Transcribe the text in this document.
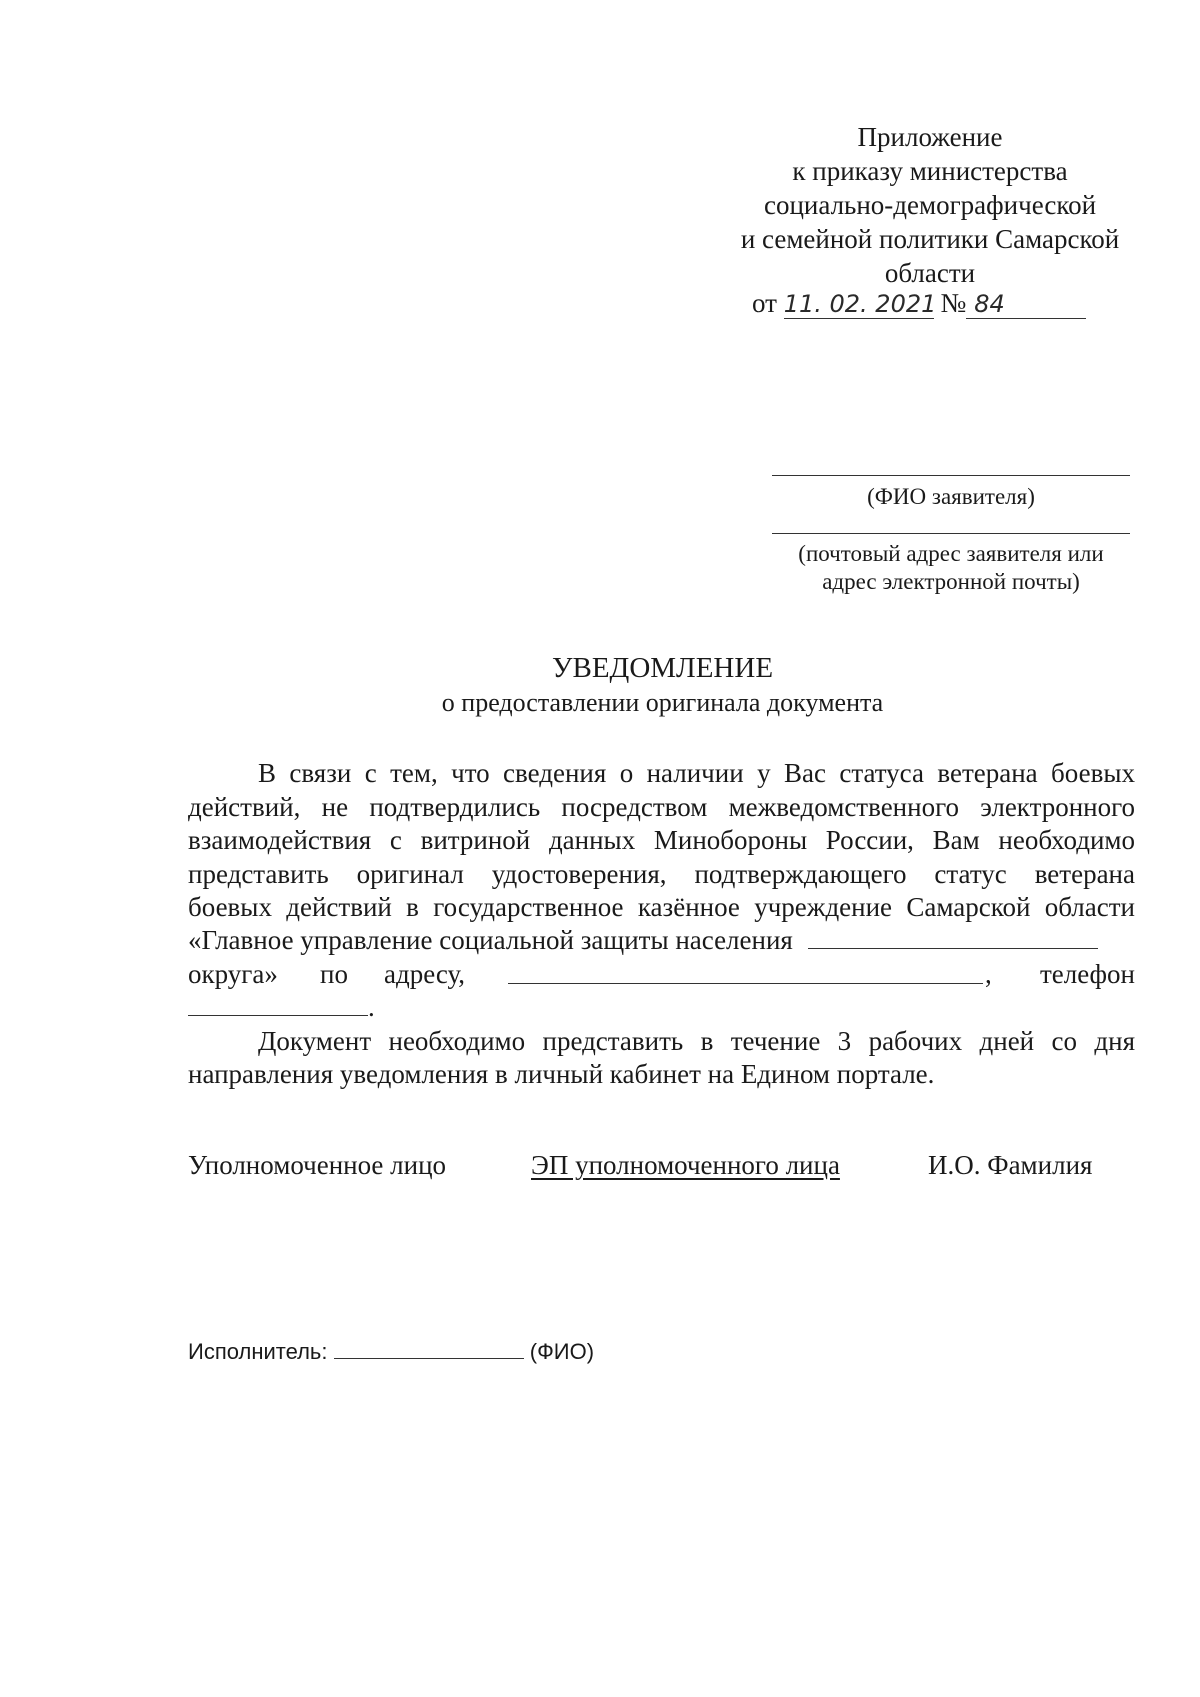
Приложение
к приказу министерства
социально-демографической
и семейной политики Самарской
области
от 11. 02. 2021 № 84
(ФИО заявителя)
(почтовый адрес заявителя или
адрес электронной почты)
УВЕДОМЛЕНИЕ
о предоставлении оригинала документа
В связи с тем, что сведения о наличии у Вас статуса ветерана боевых
действий, не подтвердились посредством межведомственного электронного
взаимодействия с витриной данных Минобороны России, Вам необходимо
представить оригинал удостоверения, подтверждающего статус ветерана
боевых действий в государственное казённое учреждение Самарской области
«Главное управление социальной защиты населения
округа» по адресу,	, телефон
.
Документ необходимо представить в течение 3 рабочих дней со дня
направления уведомления в личный кабинет на Едином портале.
Уполномоченное лицо	ЭП уполномоченного лица	И.О. Фамилия
Исполнитель:	(ФИО)
